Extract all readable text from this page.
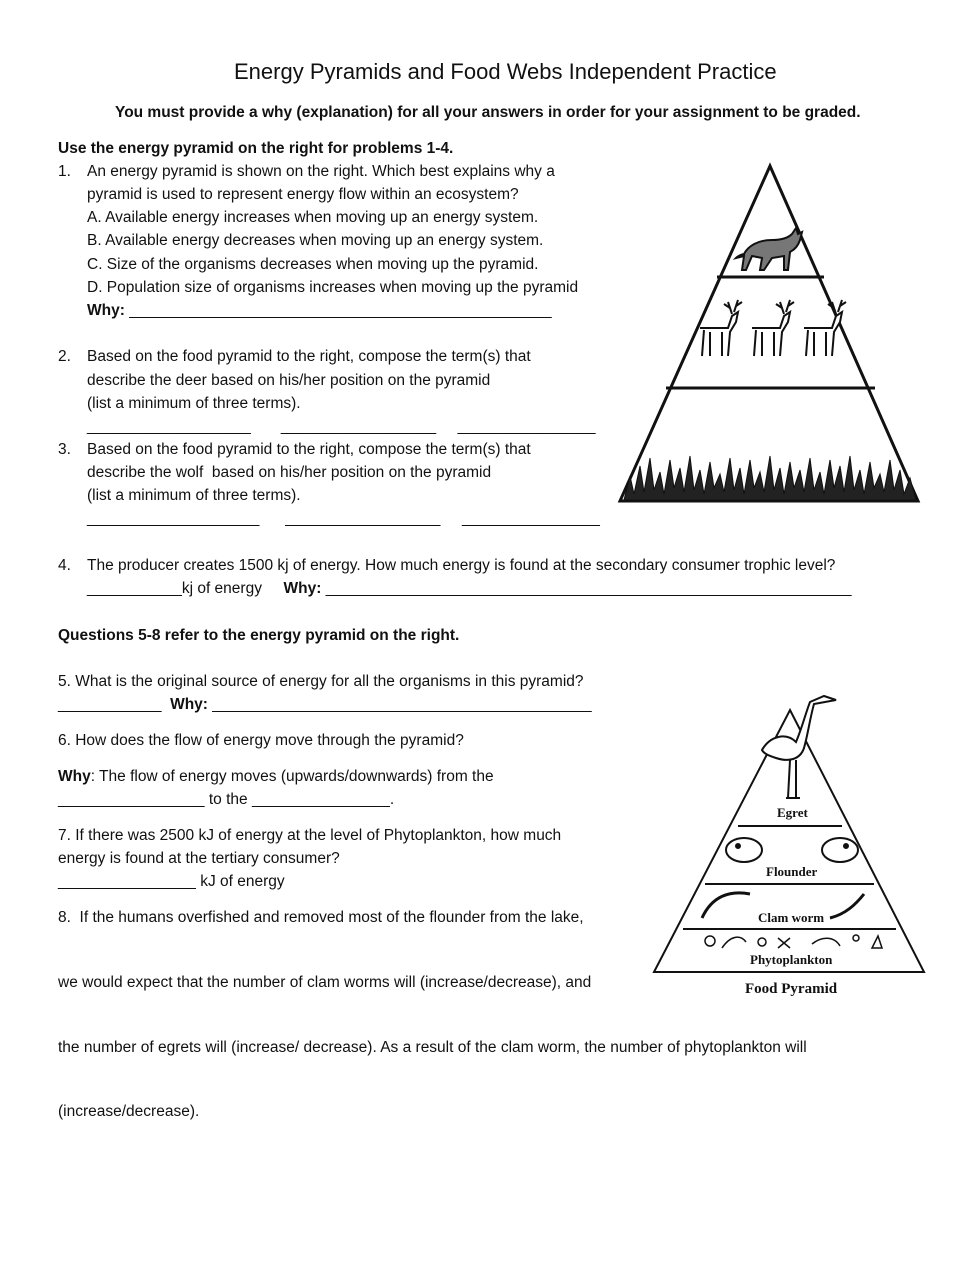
Energy Pyramids and Food Webs Independent Practice
You must provide a why (explanation) for all your answers in order for your assignment to be graded.
Use the energy pyramid on the right for problems 1-4.
1. An energy pyramid is shown on the right. Which best explains why a
pyramid is used to represent energy flow within an ecosystem?
A. Available energy increases when moving up an energy system.
B. Available energy decreases when moving up an energy system.
C. Size of the organisms decreases when moving up the pyramid.
D. Population size of organisms increases when moving up the pyramid
Why: _________________________________________________
2. Based on the food pyramid to the right, compose the term(s) that
describe the deer based on his/her position on the pyramid
(list a minimum of three terms).
___________________       __________________     ________________
3. Based on the food pyramid to the right, compose the term(s) that
describe the wolf  based on his/her position on the pyramid
(list a minimum of three terms).
____________________      __________________     ________________
4. The producer creates 1500 kj of energy. How much energy is found at the secondary consumer trophic level?
___________kj of energy Why: _____________________________________________________________
Questions 5-8 refer to the energy pyramid on the right.
5. What is the original source of energy for all the organisms in this pyramid?
____________ Why: ____________________________________________
6. How does the flow of energy move through the pyramid?
Why: The flow of energy moves (upwards/downwards) from the
_________________ to the ________________.
7. If there was 2500 kJ of energy at the level of Phytoplankton, how much
energy is found at the tertiary consumer?
________________ kJ of energy
8.  If the humans overfished and removed most of the flounder from the lake,
we would expect that the number of clam worms will (increase/decrease), and
the number of egrets will (increase/ decrease). As a result of the clam worm, the number of phytoplankton will
(increase/decrease).
Egret
Flounder
Clam worm
Phytoplankton
Food Pyramid
